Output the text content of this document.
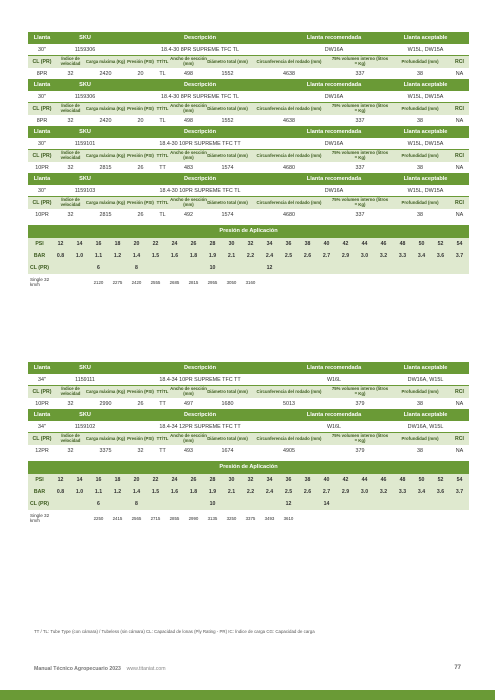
Llanta	SKU	Descripción	Llanta recomendada	Llanta aceptable
30"	1159306	18.4-30 8PR SUPREME TFC TL	DW16A	W15L, DW15A
CL (PR)	Índice de velocidad	Carga máxima (Kg)	Presión (PSI)	TT/TL	Ancho de sección (mm)	Diámetro total (mm)	Circunferencia del rodado (mm)	75% volumen interno (litros = Kg)	Profundidad (mm)	RCI
8PR	32	2420	20	TL	498	1552	4638	337	38	NA
Llanta	SKU	Descripción	Llanta recomendada	Llanta aceptable
30"	1159306	18.4-30 8PR SUPREME TFC TL	DW16A	W15L, DW15A
CL (PR)	Índice de velocidad	Carga máxima (Kg)	Presión (PSI)	TT/TL	Ancho de sección (mm)	Diámetro total (mm)	Circunferencia del rodado (mm)	75% volumen interno (litros = Kg)	Profundidad (mm)	RCI
8PR	32	2420	20	TL	498	1552	4638	337	38	NA
Llanta	SKU	Descripción	Llanta recomendada	Llanta aceptable
30"	1159101	18.4-30 10PR SUPREME TFC TT	DW16A	W15L, DW15A
CL (PR)	Índice de velocidad	Carga máxima (Kg)	Presión (PSI)	TT/TL	Ancho de sección (mm)	Diámetro total (mm)	Circunferencia del rodado (mm)	75% volumen interno (litros = Kg)	Profundidad (mm)	RCI
10PR	32	2815	26	TT	483	1574	4680	337	38	NA
Llanta	SKU	Descripción	Llanta recomendada	Llanta aceptable
30"	1159103	18.4-30 10PR SUPREME TFC TL	DW16A	W15L, DW15A
CL (PR)	Índice de velocidad	Carga máxima (Kg)	Presión (PSI)	TT/TL	Ancho de sección (mm)	Diámetro total (mm)	Circunferencia del rodado (mm)	75% volumen interno (litros = Kg)	Profundidad (mm)	RCI
10PR	32	2815	26	TL	492	1574	4680	337	38	NA
Presión de Aplicación
PSI	12	14	16	18	20	22	24	26	28	30	32	34	36	38	40	42	44	46	48	50	52	54
BAR	0.8	1.0	1.1	1.2	1.4	1.5	1.6	1.8	1.9	2.1	2.2	2.4	2.5	2.6	2.7	2.9	3.0	3.2	3.3	3.4	3.6	3.7
CL (PR)			6		8				10			12										
Single 32 km/h			2120	2275	2420	2555	2685	2815	2955	3050	3160											
Llanta	SKU	Descripción	Llanta recomendada	Llanta aceptable
34"	1159111	18.4-34 10PR SUPREME TFC TT	W16L	DW16A, W15L
CL (PR)	Índice de velocidad	Carga máxima (Kg)	Presión (PSI)	TT/TL	Ancho de sección (mm)	Diámetro total (mm)	Circunferencia del rodado (mm)	75% volumen interno (litros = Kg)	Profundidad (mm)	RCI
10PR	32	2990	26	TT	497	1680	5013	379	38	NA
Llanta	SKU	Descripción	Llanta recomendada	Llanta aceptable
34"	1159102	18.4-34 12PR SUPREME TFC TT	W16L	DW16A, W15L
CL (PR)	Índice de velocidad	Carga máxima (Kg)	Presión (PSI)	TT/TL	Ancho de sección (mm)	Diámetro total (mm)	Circunferencia del rodado (mm)	75% volumen interno (litros = Kg)	Profundidad (mm)	RCI
12PR	32	3375	32	TT	493	1674	4905	379	38	NA
Presión de Aplicación
PSI	12	14	16	18	20	22	24	26	28	30	32	34	36	38	40	42	44	46	48	50	52	54
BAR	0.8	1.0	1.1	1.2	1.4	1.5	1.6	1.8	1.9	2.1	2.2	2.4	2.5	2.6	2.7	2.9	3.0	3.2	3.3	3.4	3.6	3.7
CL (PR)			6		8				10				12		14							
Single 32 km/h			2250	2415	2565	2715	2855	2990	3135	3250	3375	3493	3610									
TT / TL: Tube Type (con cámara) / Tubeless (sin cámara) CL: Capacidad de lonas (Ply Rating - PR) IC: Índice de carga CG: Capacidad de carga
Manual Técnico Agropecuario 2023 www.titaniat.com	77
